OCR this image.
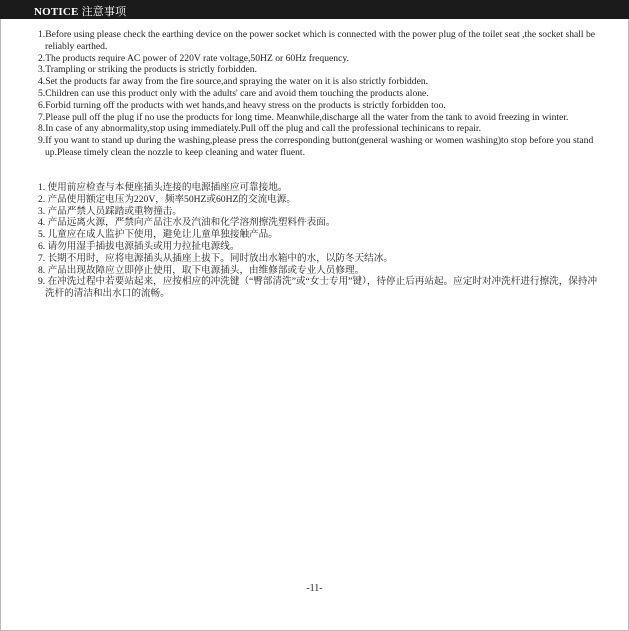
NOTICE 注意事项

1.Before using please check the earthing device on the power socket which is connected with the power plug of the toilet seat ,the socket shall be reliably earthed.

2.The products require AC power of 220V rate voltage,50HZ or 60Hz frequency.

3.Trampling or striking the products is strictly forbidden.

4.Set the products far away from the fire source,and spraying the water on it is also strictly forbidden.

5.Children can use this product only with the adults' care and avoid them touching the products alone.

6.Forbid turning off the products with wet hands,and heavy stress on the products is strictly forbidden too.

7.Please pull off the plug if no use the products for long time. Meanwhile,discharge all the water from the tank to avoid freezing in winter.

8.In case of any abnormality,stop using immediately.Pull off the plug and call the professional techinicans to repair.

9.If you want to stand up during the washing,please press the corresponding button(general washing or women washing)to stop before you stand up.Please timely clean the nozzle to keep cleaning and water fluent.

1. 使用前应检查与本便座插头连接的电源插座应可靠接地。

2. 产品使用额定电压为220V，频率50HZ或60HZ的交流电源。

3. 产品严禁人员踩踏或重物撞击。

4. 产品远离火源，严禁向产品注水及汽油和化学溶剂擦洗塑料件表面。

5. 儿童应在成人监护下使用，避免让儿童单独接触产品。

6. 请勿用湿手插拔电源插头或用力拉扯电源线。

7. 长期不用时，应将电源插头从插座上拔下。同时放出水箱中的水，以防冬天结冰。

8. 产品出现故障应立即停止使用，取下电源插头，由维修部或专业人员修理。

9. 在冲洗过程中若要站起来，应按相应的冲洗键（“臀部清洗”或“女士专用”键），待停止后再站起。应定时对冲洗杆进行擦洗，保持冲洗杆的清洁和出水口的流畅。

-11-
